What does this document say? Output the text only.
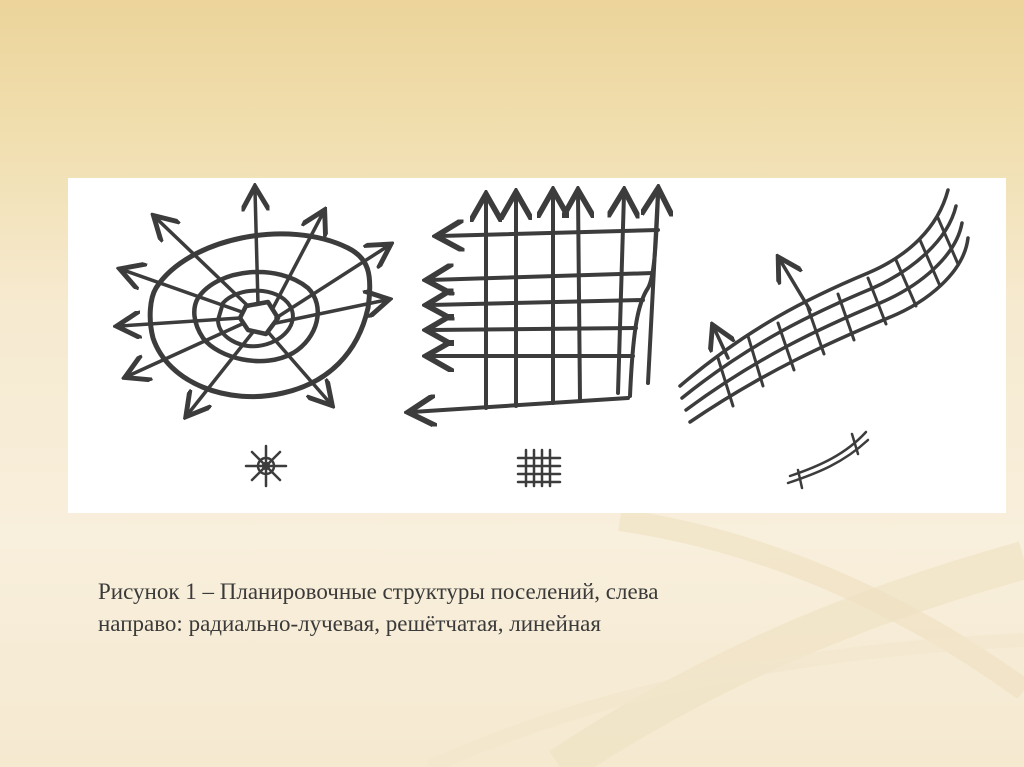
Рисунок 1 – Планировочные структуры поселений, слева
направо: радиально-лучевая, решётчатая, линейная
